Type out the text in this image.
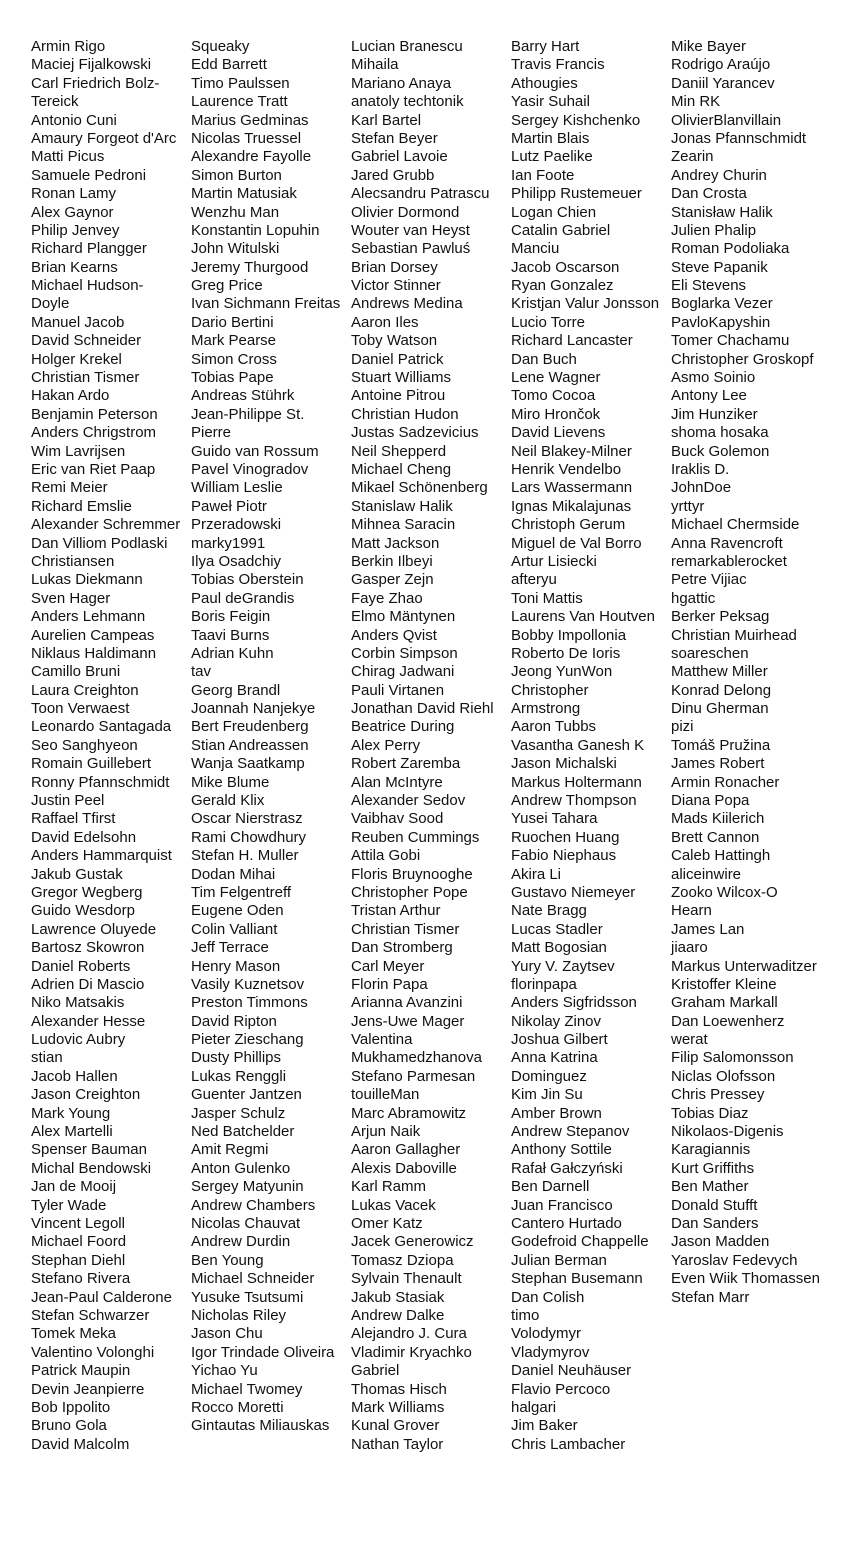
Armin Rigo
Maciej Fijalkowski
Carl Friedrich Bolz-
Tereick
Antonio Cuni
Amaury Forgeot d'Arc
Matti Picus
Samuele Pedroni
Ronan Lamy
Alex Gaynor
Philip Jenvey
Richard Plangger
Brian Kearns
Michael Hudson-
Doyle
Manuel Jacob
David Schneider
Holger Krekel
Christian Tismer
Hakan Ardo
Benjamin Peterson
Anders Chrigstrom
Wim Lavrijsen
Eric van Riet Paap
Remi Meier
Richard Emslie
Alexander Schremmer
Dan Villiom Podlaski
Christiansen
Lukas Diekmann
Sven Hager
Anders Lehmann
Aurelien Campeas
Niklaus Haldimann
Camillo Bruni
Laura Creighton
Toon Verwaest
Leonardo Santagada
Seo Sanghyeon
Romain Guillebert
Ronny Pfannschmidt
Justin Peel
Raffael Tfirst
David Edelsohn
Anders Hammarquist
Jakub Gustak
Gregor Wegberg
Guido Wesdorp
Lawrence Oluyede
Bartosz Skowron
Daniel Roberts
Adrien Di Mascio
Niko Matsakis
Alexander Hesse
Ludovic Aubry
stian
Jacob Hallen
Jason Creighton
Mark Young
Alex Martelli
Spenser Bauman
Michal Bendowski
Jan de Mooij
Tyler Wade
Vincent Legoll
Michael Foord
Stephan Diehl
Stefano Rivera
Jean-Paul Calderone
Stefan Schwarzer
Tomek Meka
Valentino Volonghi
Patrick Maupin
Devin Jeanpierre
Bob Ippolito
Bruno Gola
David Malcolm
Squeaky
Edd Barrett
Timo Paulssen
Laurence Tratt
Marius Gedminas
Nicolas Truessel
Alexandre Fayolle
Simon Burton
Martin Matusiak
Wenzhu Man
Konstantin Lopuhin
John Witulski
Jeremy Thurgood
Greg Price
Ivan Sichmann Freitas
Dario Bertini
Mark Pearse
Simon Cross
Tobias Pape
Andreas Stührk
Jean-Philippe St.
Pierre
Guido van Rossum
Pavel Vinogradov
William Leslie
Paweł Piotr
Przeradowski
marky1991
Ilya Osadchiy
Tobias Oberstein
Paul deGrandis
Boris Feigin
Taavi Burns
Adrian Kuhn
tav
Georg Brandl
Joannah Nanjekye
Bert Freudenberg
Stian Andreassen
Wanja Saatkamp
Mike Blume
Gerald Klix
Oscar Nierstrasz
Rami Chowdhury
Stefan H. Muller
Dodan Mihai
Tim Felgentreff
Eugene Oden
Colin Valliant
Jeff Terrace
Henry Mason
Vasily Kuznetsov
Preston Timmons
David Ripton
Pieter Zieschang
Dusty Phillips
Lukas Renggli
Guenter Jantzen
Jasper Schulz
Ned Batchelder
Amit Regmi
Anton Gulenko
Sergey Matyunin
Andrew Chambers
Nicolas Chauvat
Andrew Durdin
Ben Young
Michael Schneider
Yusuke Tsutsumi
Nicholas Riley
Jason Chu
Igor Trindade Oliveira
Yichao Yu
Michael Twomey
Rocco Moretti
Gintautas Miliauskas
Lucian Branescu
Mihaila
Mariano Anaya
anatoly techtonik
Karl Bartel
Stefan Beyer
Gabriel Lavoie
Jared Grubb
Alecsandru Patrascu
Olivier Dormond
Wouter van Heyst
Sebastian Pawluś
Brian Dorsey
Victor Stinner
Andrews Medina
Aaron Iles
Toby Watson
Daniel Patrick
Stuart Williams
Antoine Pitrou
Christian Hudon
Justas Sadzevicius
Neil Shepperd
Michael Cheng
Mikael Schönenberg
Stanislaw Halik
Mihnea Saracin
Matt Jackson
Berkin Ilbeyi
Gasper Zejn
Faye Zhao
Elmo Mäntynen
Anders Qvist
Corbin Simpson
Chirag Jadwani
Pauli Virtanen
Jonathan David Riehl
Beatrice During
Alex Perry
Robert Zaremba
Alan McIntyre
Alexander Sedov
Vaibhav Sood
Reuben Cummings
Attila Gobi
Floris Bruynooghe
Christopher Pope
Tristan Arthur
Christian Tismer
Dan Stromberg
Carl Meyer
Florin Papa
Arianna Avanzini
Jens-Uwe Mager
Valentina
Mukhamedzhanova
Stefano Parmesan
touilleMan
Marc Abramowitz
Arjun Naik
Aaron Gallagher
Alexis Daboville
Karl Ramm
Lukas Vacek
Omer Katz
Jacek Generowicz
Tomasz Dziopa
Sylvain Thenault
Jakub Stasiak
Andrew Dalke
Alejandro J. Cura
Vladimir Kryachko
Gabriel
Thomas Hisch
Mark Williams
Kunal Grover
Nathan Taylor
Barry Hart
Travis Francis
Athougies
Yasir Suhail
Sergey Kishchenko
Martin Blais
Lutz Paelike
Ian Foote
Philipp Rustemeuer
Logan Chien
Catalin Gabriel
Manciu
Jacob Oscarson
Ryan Gonzalez
Kristjan Valur Jonsson
Lucio Torre
Richard Lancaster
Dan Buch
Lene Wagner
Tomo Cocoa
Miro Hrončok
David Lievens
Neil Blakey-Milner
Henrik Vendelbo
Lars Wassermann
Ignas Mikalajunas
Christoph Gerum
Miguel de Val Borro
Artur Lisiecki
afteryu
Toni Mattis
Laurens Van Houtven
Bobby Impollonia
Roberto De Ioris
Jeong YunWon
Christopher
Armstrong
Aaron Tubbs
Vasantha Ganesh K
Jason Michalski
Markus Holtermann
Andrew Thompson
Yusei Tahara
Ruochen Huang
Fabio Niephaus
Akira Li
Gustavo Niemeyer
Nate Bragg
Lucas Stadler
Matt Bogosian
Yury V. Zaytsev
florinpapa
Anders Sigfridsson
Nikolay Zinov
Joshua Gilbert
Anna Katrina
Dominguez
Kim Jin Su
Amber Brown
Andrew Stepanov
Anthony Sottile
Rafał Gałczyński
Ben Darnell
Juan Francisco
Cantero Hurtado
Godefroid Chappelle
Julian Berman
Stephan Busemann
Dan Colish
timo
Volodymyr
Vladymyrov
Daniel Neuhäuser
Flavio Percoco
halgari
Jim Baker
Chris Lambacher
Mike Bayer
Rodrigo Araújo
Daniil Yarancev
Min RK
OlivierBlanvillain
Jonas Pfannschmidt
Zearin
Andrey Churin
Dan Crosta
Stanisław Halik
Julien Phalip
Roman Podoliaka
Steve Papanik
Eli Stevens
Boglarka Vezer
PavloKapyshin
Tomer Chachamu
Christopher Groskopf
Asmo Soinio
Antony Lee
Jim Hunziker
shoma hosaka
Buck Golemon
Iraklis D.
JohnDoe
yrttyr
Michael Chermside
Anna Ravencroft
remarkablerocket
Petre Vijiac
hgattic
Berker Peksag
Christian Muirhead
soareschen
Matthew Miller
Konrad Delong
Dinu Gherman
pizi
Tomáš Pružina
James Robert
Armin Ronacher
Diana Popa
Mads Kiilerich
Brett Cannon
Caleb Hattingh
aliceinwire
Zooko Wilcox-O
Hearn
James Lan
jiaaro
Markus Unterwaditzer
Kristoffer Kleine
Graham Markall
Dan Loewenherz
werat
Filip Salomonsson
Niclas Olofsson
Chris Pressey
Tobias Diaz
Nikolaos-Digenis
Karagiannis
Kurt Griffiths
Ben Mather
Donald Stufft
Dan Sanders
Jason Madden
Yaroslav Fedevych
Even Wiik Thomassen
Stefan Marr
